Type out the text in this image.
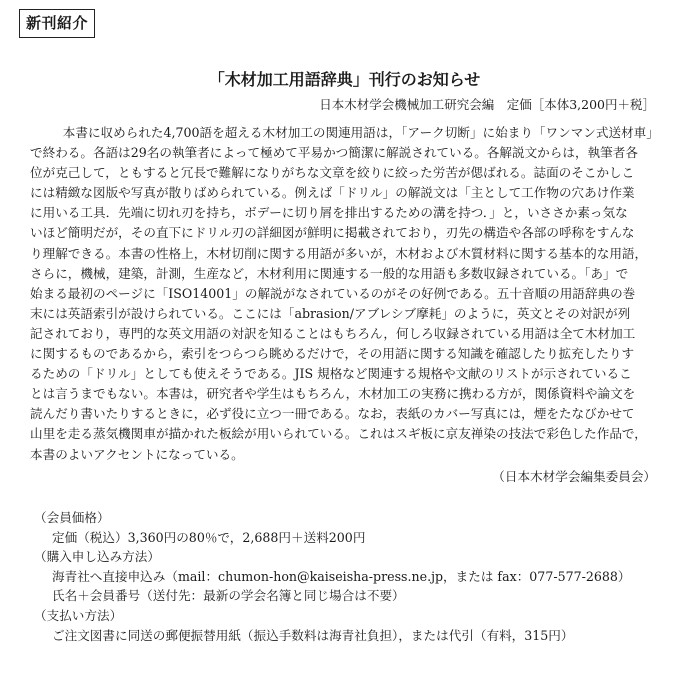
新刊紹介
「木材加工用語辞典」刊行のお知らせ
日本木材学会機械加工研究会編　定価［本体3,200円＋税］
本書に収められた4,700語を超える木材加工の関連用語は，「アーク切断」に始まり「ワンマン式送材車」
で終わる。各語は29名の執筆者によって極めて平易かつ簡潔に解説されている。各解説文からは，執筆者各
位が克己して，ともすると冗長で難解になりがちな文章を絞りに絞った労苦が偲ばれる。誌面のそこかしこ
には精緻な図版や写真が散りばめられている。例えば「ドリル」の解説文は「主として工作物の穴あけ作業
に用いる工具．先端に切れ刃を持ち，ボデーに切り屑を排出するための溝を持つ．」と，いささか素っ気な
いほど簡明だが，その直下にドリル刃の詳細図が鮮明に掲載されており，刃先の構造や各部の呼称をすんな
り理解できる。本書の性格上，木材切削に関する用語が多いが，木材および木質材料に関する基本的な用語，
さらに，機械，建築，計測，生産など，木材利用に関連する一般的な用語も多数収録されている。「あ」で
始まる最初のページに「ISO14001」の解説がなされているのがその好例である。五十音順の用語辞典の巻
末には英語索引が設けられている。ここには「abrasion/アブレシブ摩耗」のように，英文とその対訳が列
記されており，専門的な英文用語の対訳を知ることはもちろん，何しろ収録されている用語は全て木材加工
に関するものであるから，索引をつらつら眺めるだけで，その用語に関する知識を確認したり拡充したりす
るための「ドリル」としても使えそうである。JIS 規格など関連する規格や文献のリストが示されているこ
とは言うまでもない。本書は，研究者や学生はもちろん，木材加工の実務に携わる方が，関係資料や論文を
読んだり書いたりするときに，必ず役に立つ一冊である。なお，表紙のカバー写真には，煙をたなびかせて
山里を走る蒸気機関車が描かれた板絵が用いられている。これはスギ板に京友禅染の技法で彩色した作品で，
本書のよいアクセントになっている。
（日本木材学会編集委員会）
（会員価格）
定価（税込）3,360円の80％で，2,688円＋送料200円
（購入申し込み方法）
海青社へ直接申込み（mail：chumon-hon@kaiseisha-press.ne.jp，または fax：077-577-2688）
氏名＋会員番号（送付先：最新の学会名簿と同じ場合は不要）
（支払い方法）
ご注文図書に同送の郵便振替用紙（振込手数料は海青社負担），または代引（有料，315円）
